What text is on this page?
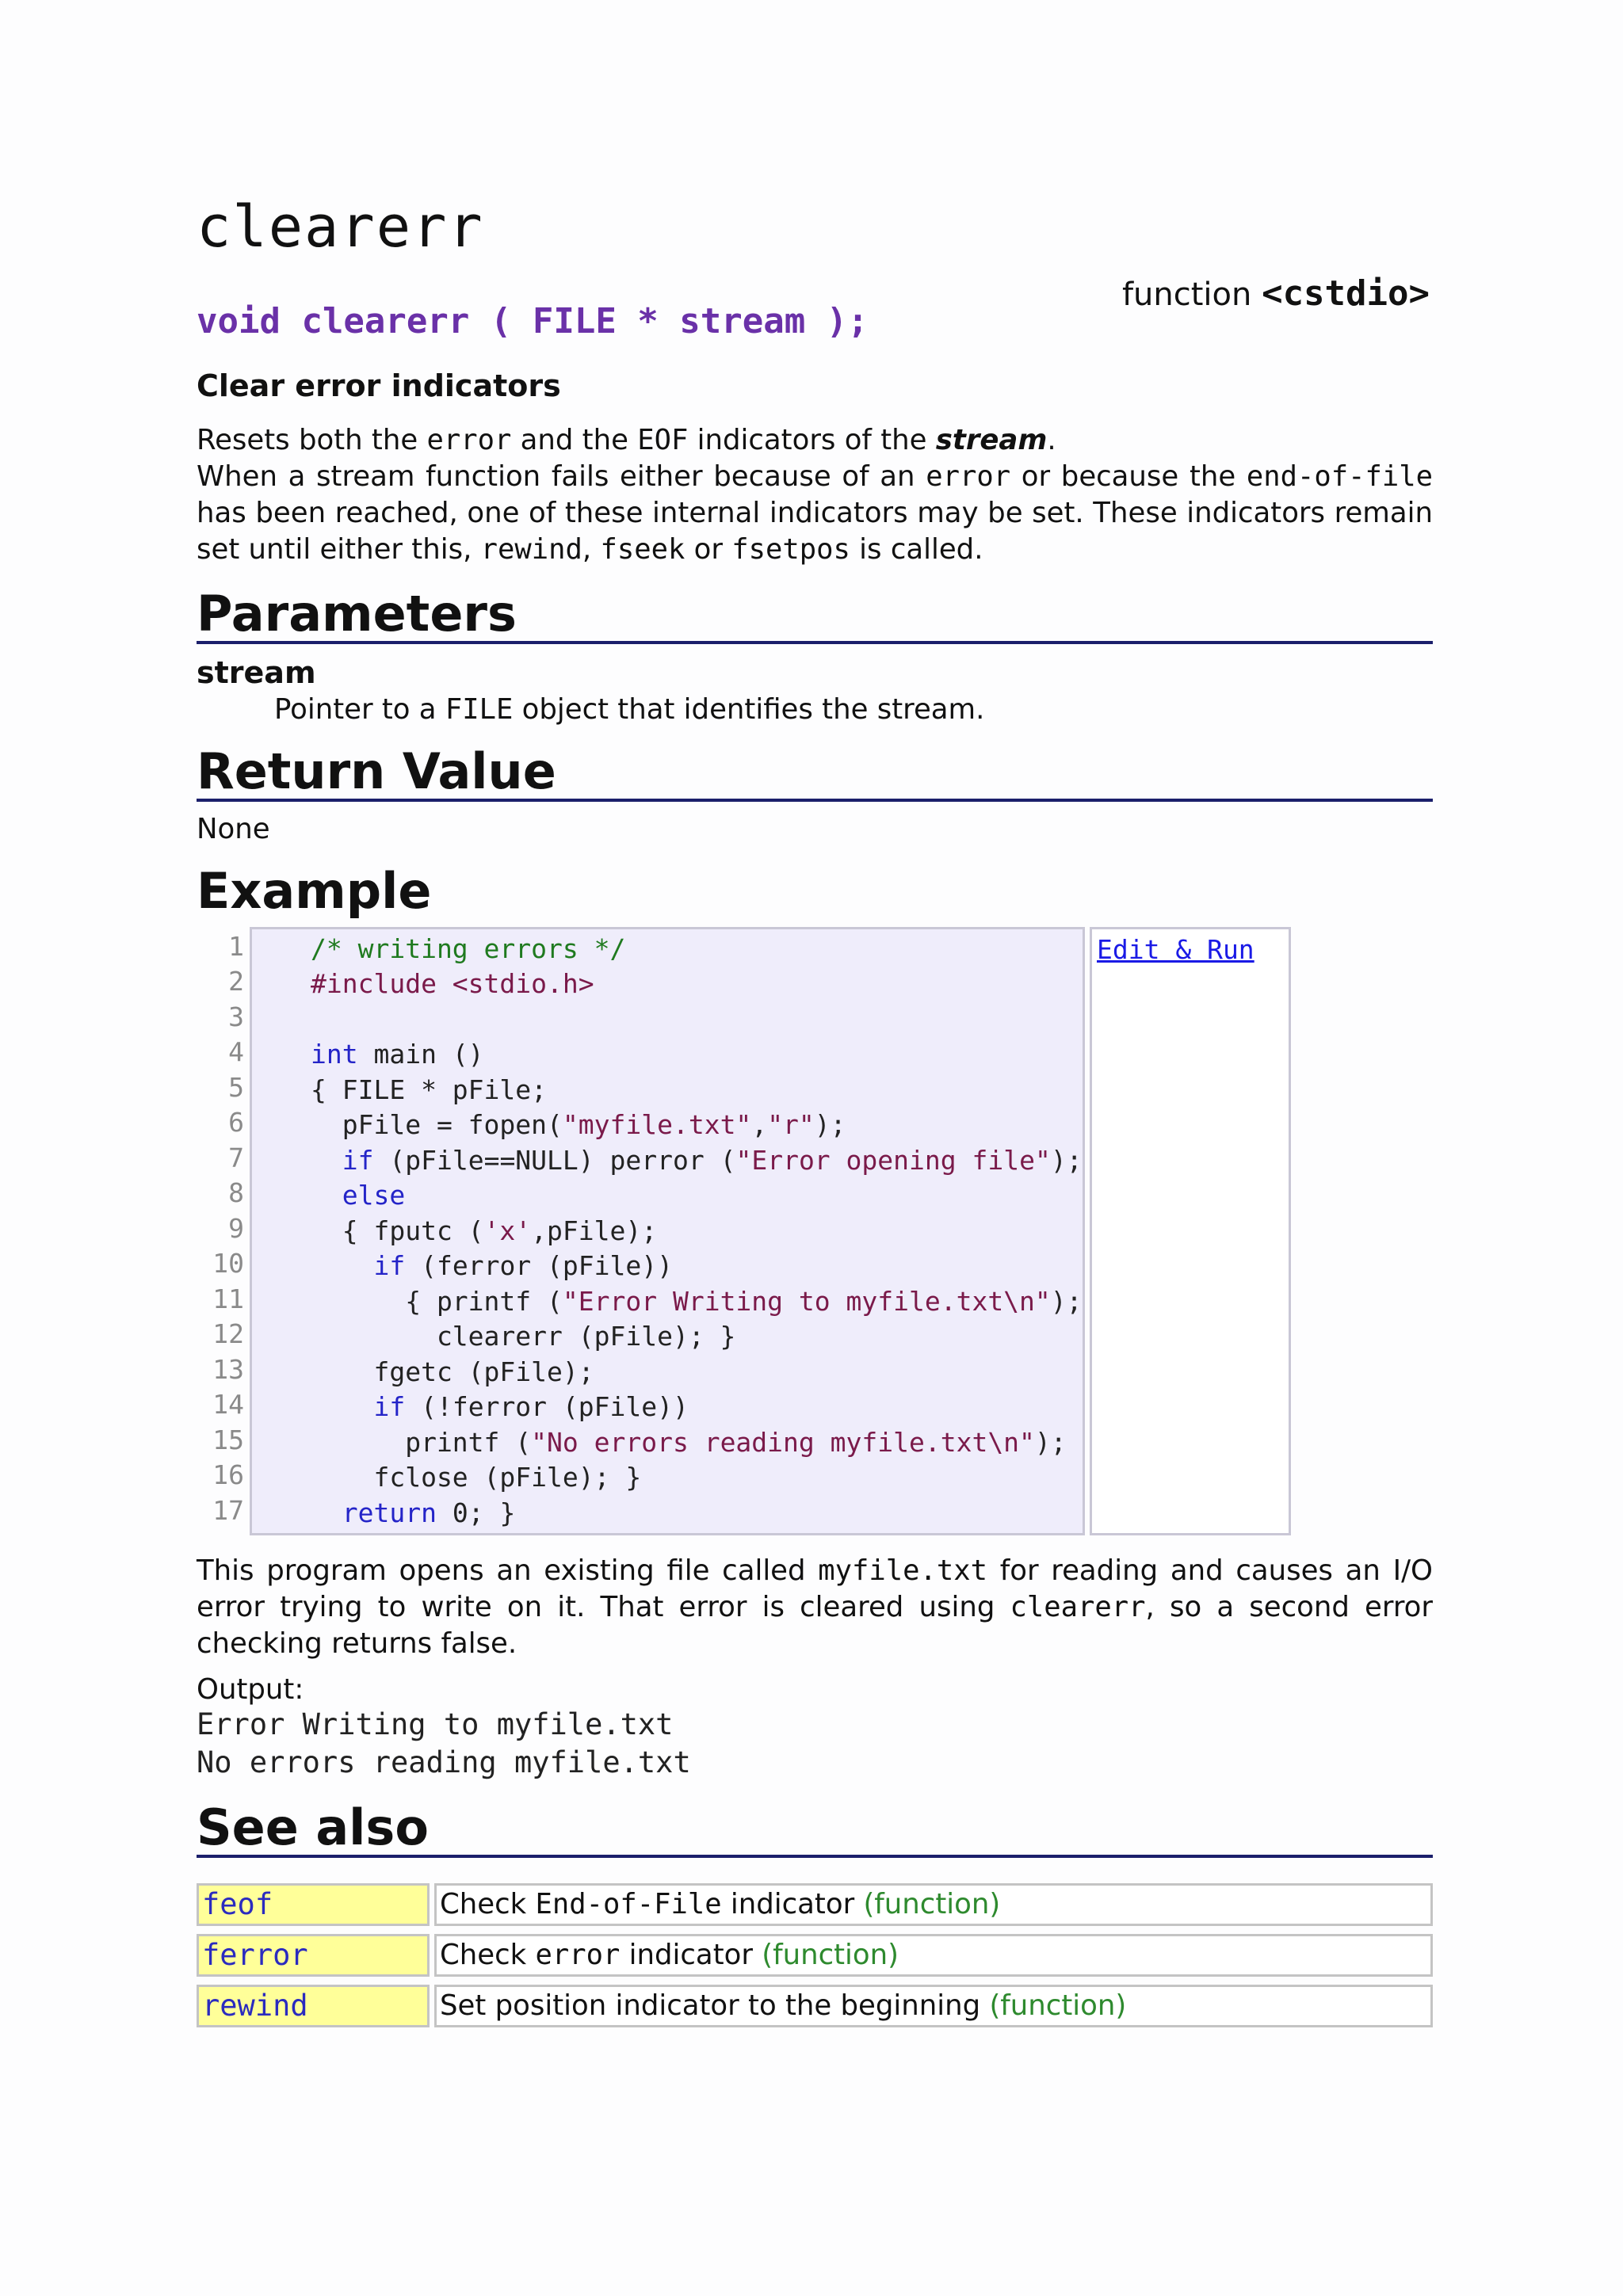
clearerr
function <cstdio>
void clearerr ( FILE * stream );
Clear error indicators

Resets both the error and the EOF indicators of the stream.

When a stream function fails either because of an error or because the end-of-file has been reached, one of these internal indicators may be set. These indicators remain set until either this, rewind, fseek or fsetpos is called.

Parameters
stream
Pointer to a FILE object that identifies the stream.
Return Value
None
Example
1
2
3
4
5
6
7
8
9
10
11
12
13
14
15
16
17
/* writing errors */
#include <stdio.h>
int main ()
{ FILE * pFile;
pFile = fopen("myfile.txt","r");
if (pFile==NULL) perror ("Error opening file");
else
{ fputc ('x',pFile);
if (ferror (pFile))
{ printf ("Error Writing to myfile.txt\n");
clearerr (pFile); }
fgetc (pFile);
if (!ferror (pFile))
printf ("No errors reading myfile.txt\n");
fclose (pFile); }
return 0; }
Edit & Run
This program opens an existing file called myfile.txt for reading and causes an I/O error trying to write on it. That error is cleared using clearerr, so a second error checking returns false.
Output:
Error Writing to myfile.txt
No errors reading myfile.txt
See also
feof	Check End-of-File indicator (function)
ferror	Check error indicator (function)
rewind	Set position indicator to the beginning (function)
